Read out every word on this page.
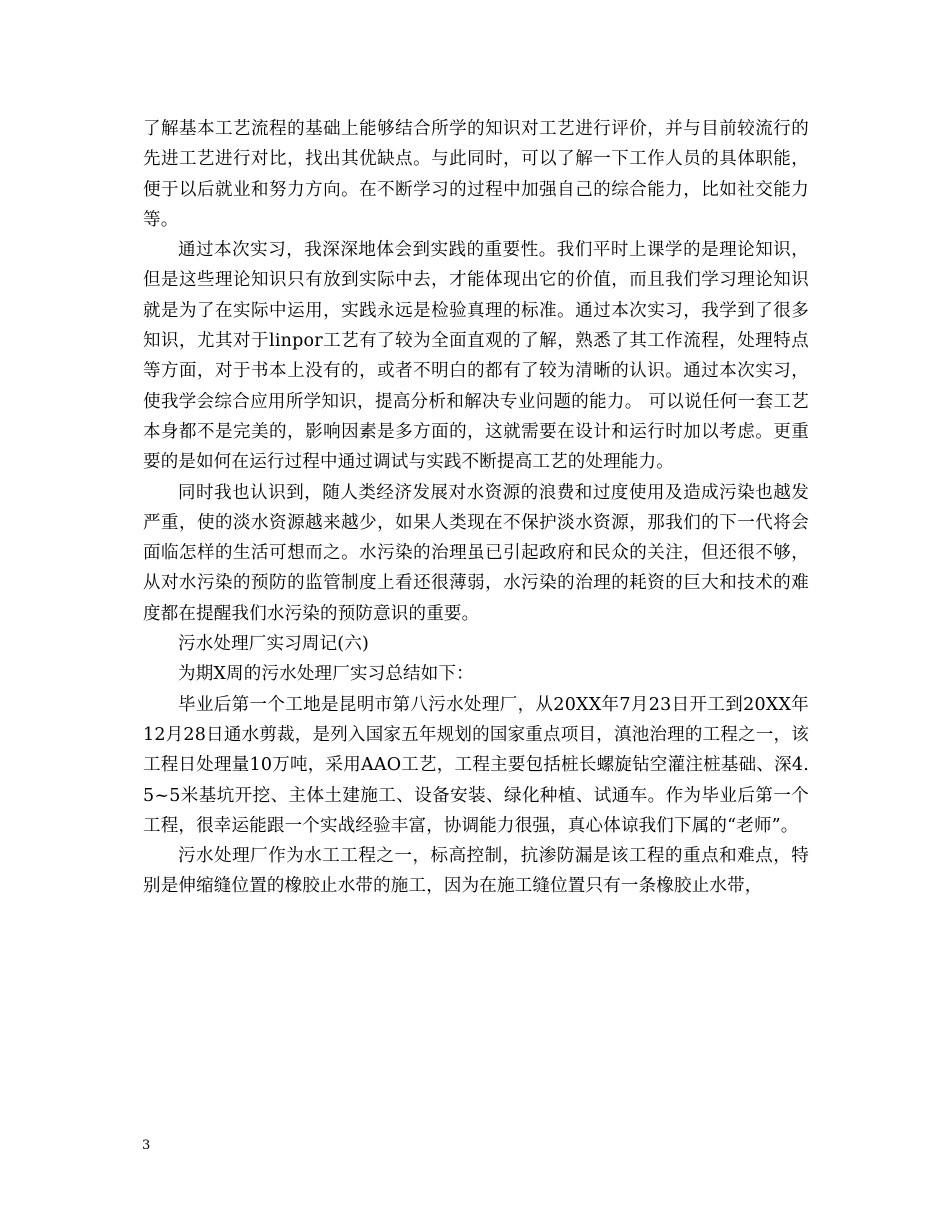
了解基本工艺流程的基础上能够结合所学的知识对工艺进行评价，并与目前较流行的先进工艺进行对比，找出其优缺点。与此同时，可以了解一下工作人员的具体职能，便于以后就业和努力方向。在不断学习的过程中加强自己的综合能力，比如社交能力等。

通过本次实习，我深深地体会到实践的重要性。我们平时上课学的是理论知识，但是这些理论知识只有放到实际中去，才能体现出它的价值，而且我们学习理论知识就是为了在实际中运用，实践永远是检验真理的标准。通过本次实习，我学到了很多知识，尤其对于linpor工艺有了较为全面直观的了解，熟悉了其工作流程，处理特点等方面，对于书本上没有的，或者不明白的都有了较为清晰的认识。通过本次实习，使我学会综合应用所学知识，提高分析和解决专业问题的能力。 可以说任何一套工艺本身都不是完美的，影响因素是多方面的，这就需要在设计和运行时加以考虑。更重要的是如何在运行过程中通过调试与实践不断提高工艺的处理能力。

同时我也认识到，随人类经济发展对水资源的浪费和过度使用及造成污染也越发严重，使的淡水资源越来越少，如果人类现在不保护淡水资源，那我们的下一代将会面临怎样的生活可想而之。水污染的治理虽已引起政府和民众的关注，但还很不够，从对水污染的预防的监管制度上看还很薄弱，水污染的治理的耗资的巨大和技术的难度都在提醒我们水污染的预防意识的重要。

污水处理厂实习周记(六)

为期X周的污水处理厂实习总结如下：

毕业后第一个工地是昆明市第八污水处理厂，从20XX年7月23日开工到20XX年12月28日通水剪裁，是列入国家五年规划的国家重点项目，滇池治理的工程之一，该工程日处理量10万吨，采用AAO工艺，工程主要包括桩长螺旋钻空灌注桩基础、深4.5~5米基坑开挖、主体土建施工、设备安装、绿化种植、试通车。作为毕业后第一个工程，很幸运能跟一个实战经验丰富，协调能力很强，真心体谅我们下属的“老师”。

污水处理厂作为水工工程之一，标高控制，抗渗防漏是该工程的重点和难点，特别是伸缩缝位置的橡胶止水带的施工，因为在施工缝位置只有一条橡胶止水带，

3
